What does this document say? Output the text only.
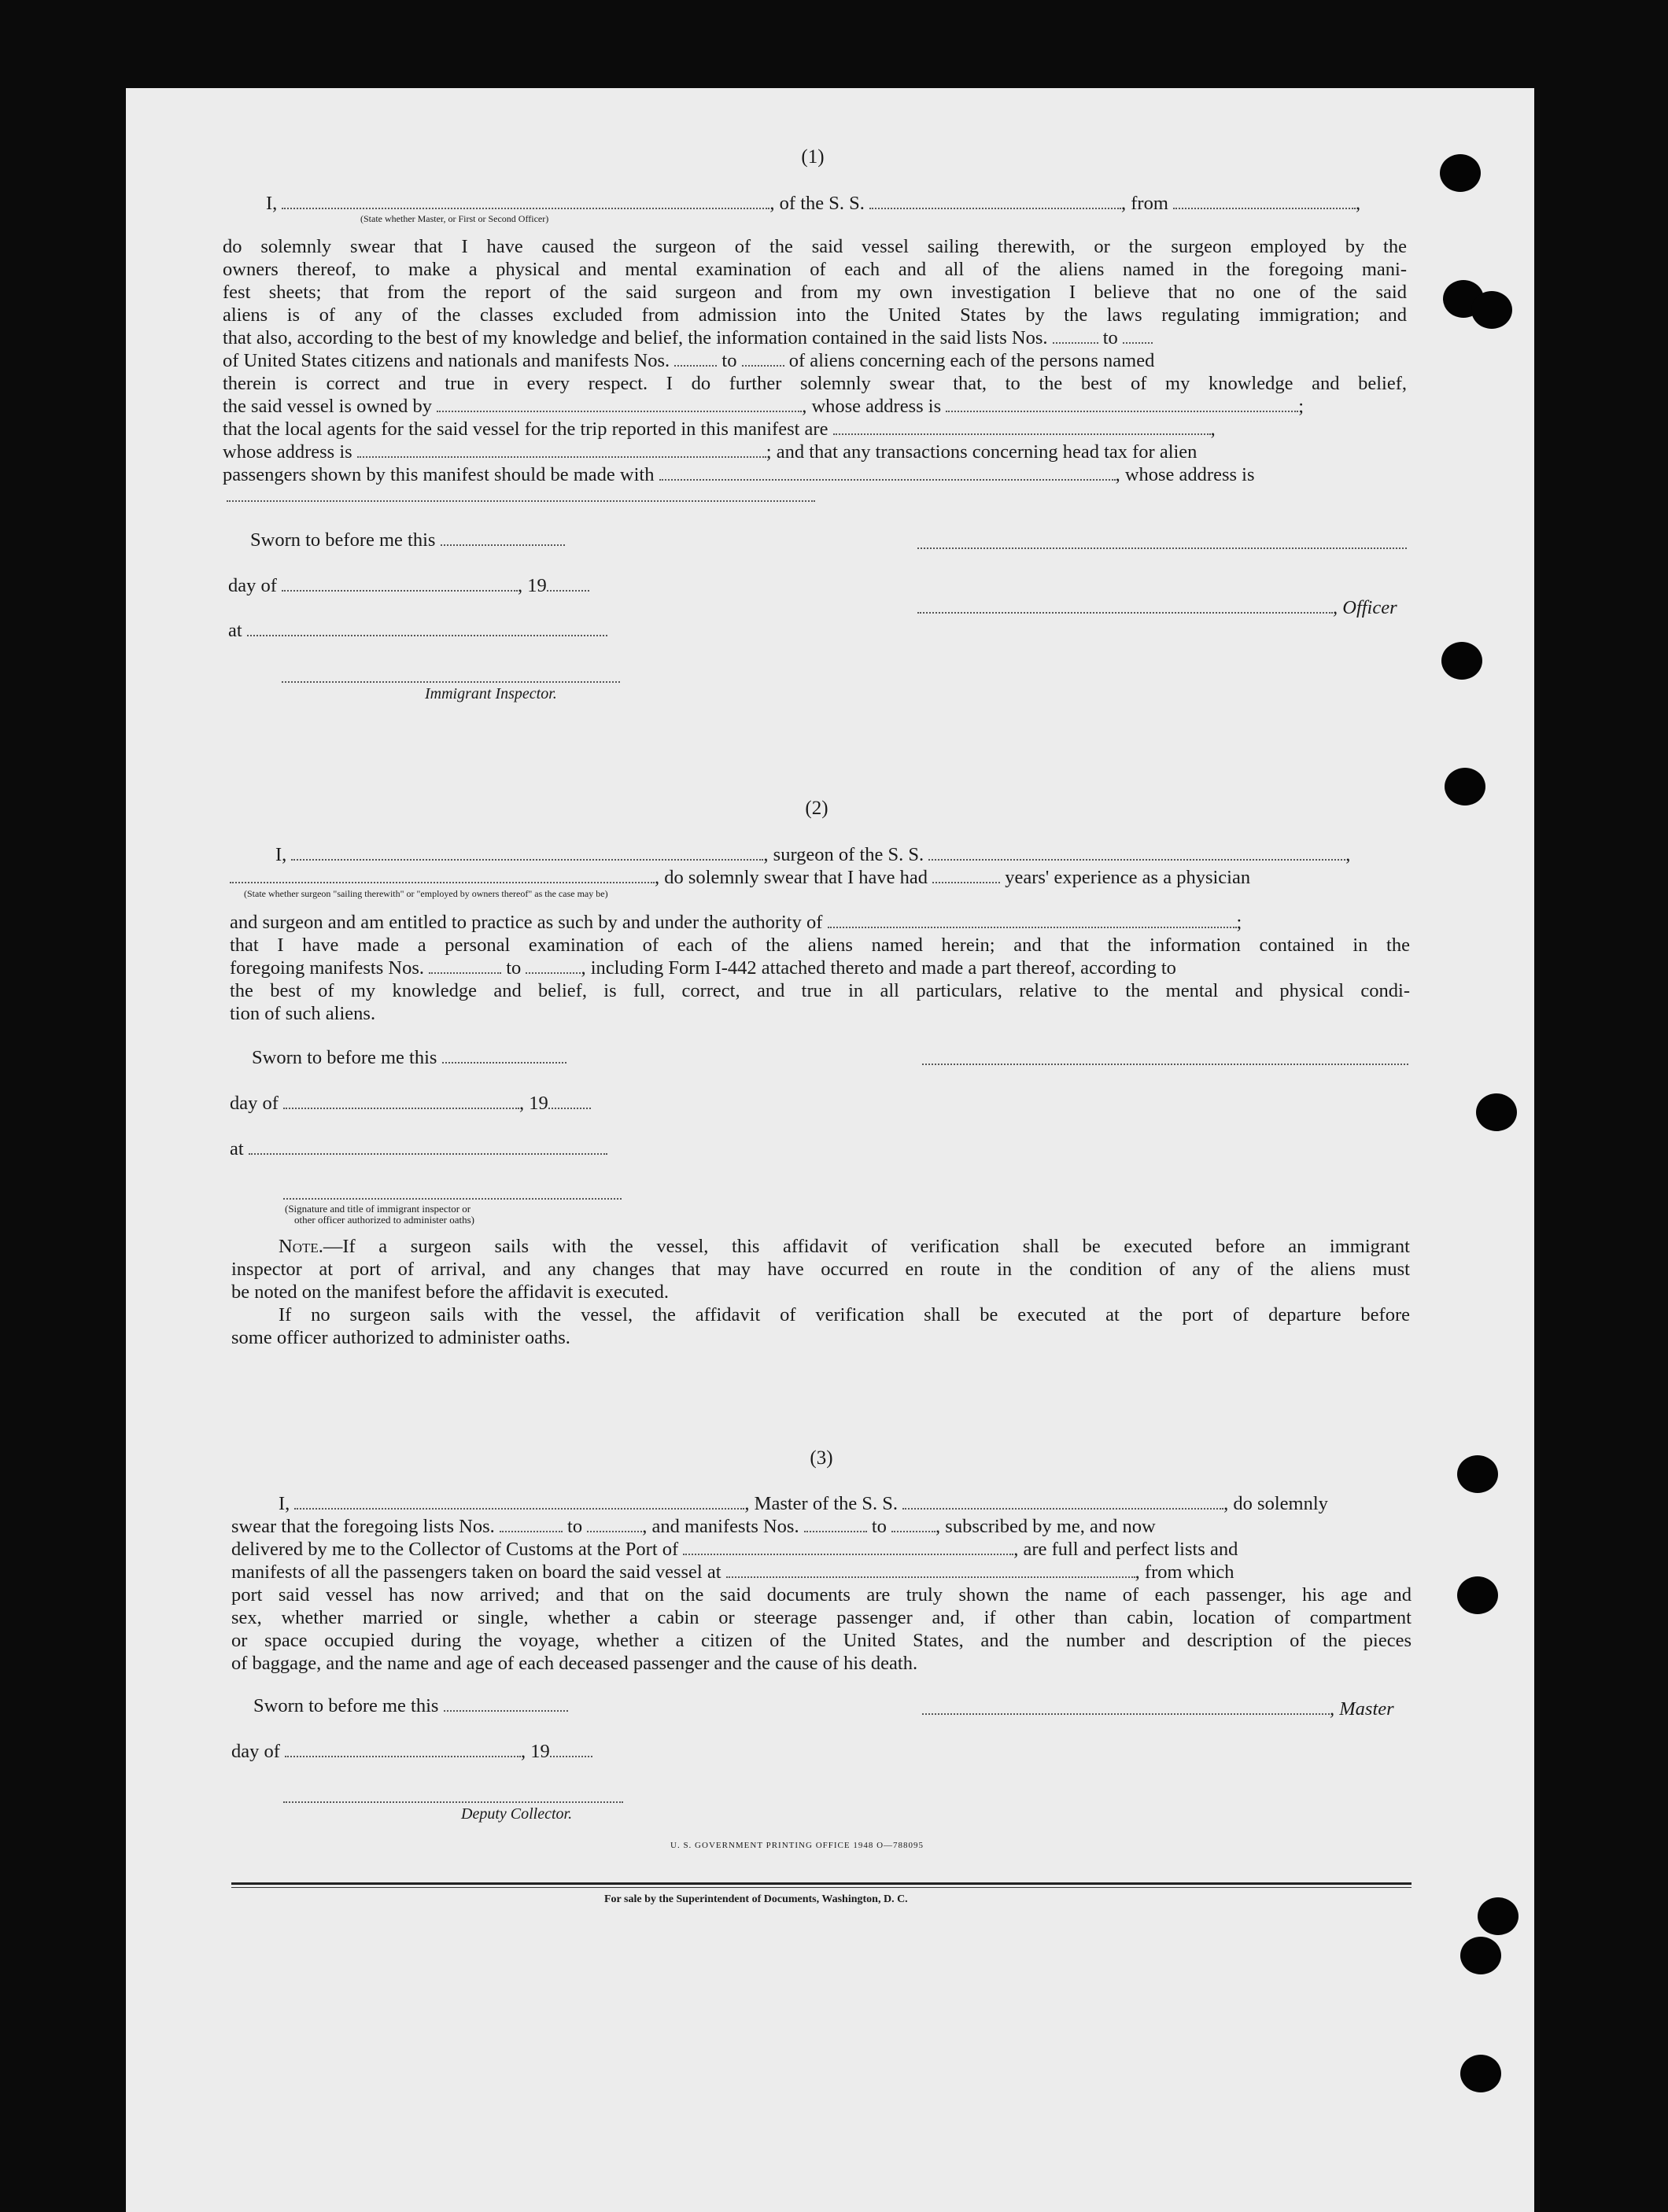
(1)
I,	, of the S. S.	, from	,
(State whether Master, or First or Second Officer)
do solemnly swear that I have caused the surgeon of the said vessel sailing therewith, or the surgeon employed by the
owners thereof, to make a physical and mental examination of each and all of the aliens named in the foregoing mani-
fest sheets; that from the report of the said surgeon and from my own investigation I believe that no one of the said
aliens is of any of the classes excluded from admission into the United States by the laws regulating immigration; and
that also, according to the best of my knowledge and belief, the information contained in the said lists Nos.	to
of United States citizens and nationals and manifests Nos.	to	of aliens concerning each of the persons named
therein is correct and true in every respect. I do further solemnly swear that, to the best of my knowledge and belief,
the said vessel is owned by	, whose address is	;
that the local agents for the said vessel for the trip reported in this manifest are	,
whose address is	; and that any transactions concerning head tax for alien
passengers shown by this manifest should be made with	, whose address is
Sworn to before me this
day of	, 19
, Officer
at
Immigrant Inspector.
(2)
I,	, surgeon of the S. S.	,
, do solemnly swear that I have had	years' experience as a physician
(State whether surgeon "sailing therewith" or "employed by owners thereof" as the case may be)
and surgeon and am entitled to practice as such by and under the authority of	;
that I have made a personal examination of each of the aliens named herein; and that the information contained in the
foregoing manifests Nos.	to	, including Form I-442 attached thereto and made a part thereof, according to
the best of my knowledge and belief, is full, correct, and true in all particulars, relative to the mental and physical condi-
tion of such aliens.
Sworn to before me this
day of	, 19
at
(Signature and title of immigrant inspector or
other officer authorized to administer oaths)
Note.—If a surgeon sails with the vessel, this affidavit of verification shall be executed before an immigrant
inspector at port of arrival, and any changes that may have occurred en route in the condition of any of the aliens must
be noted on the manifest before the affidavit is executed.
If no surgeon sails with the vessel, the affidavit of verification shall be executed at the port of departure before
some officer authorized to administer oaths.
(3)
I,	, Master of the S. S.	, do solemnly
swear that the foregoing lists Nos.	to	, and manifests Nos.	to	, subscribed by me, and now
delivered by me to the Collector of Customs at the Port of	, are full and perfect lists and
manifests of all the passengers taken on board the said vessel at	, from which
port said vessel has now arrived; and that on the said documents are truly shown the name of each passenger, his age and
sex, whether married or single, whether a cabin or steerage passenger and, if other than cabin, location of compartment
or space occupied during the voyage, whether a citizen of the United States, and the number and description of the pieces
of baggage, and the name and age of each deceased passenger and the cause of his death.
Sworn to before me this	, Master
day of	, 19
Deputy Collector.
U. S. GOVERNMENT PRINTING OFFICE 1948 O—788095
For sale by the Superintendent of Documents, Washington, D. C.
